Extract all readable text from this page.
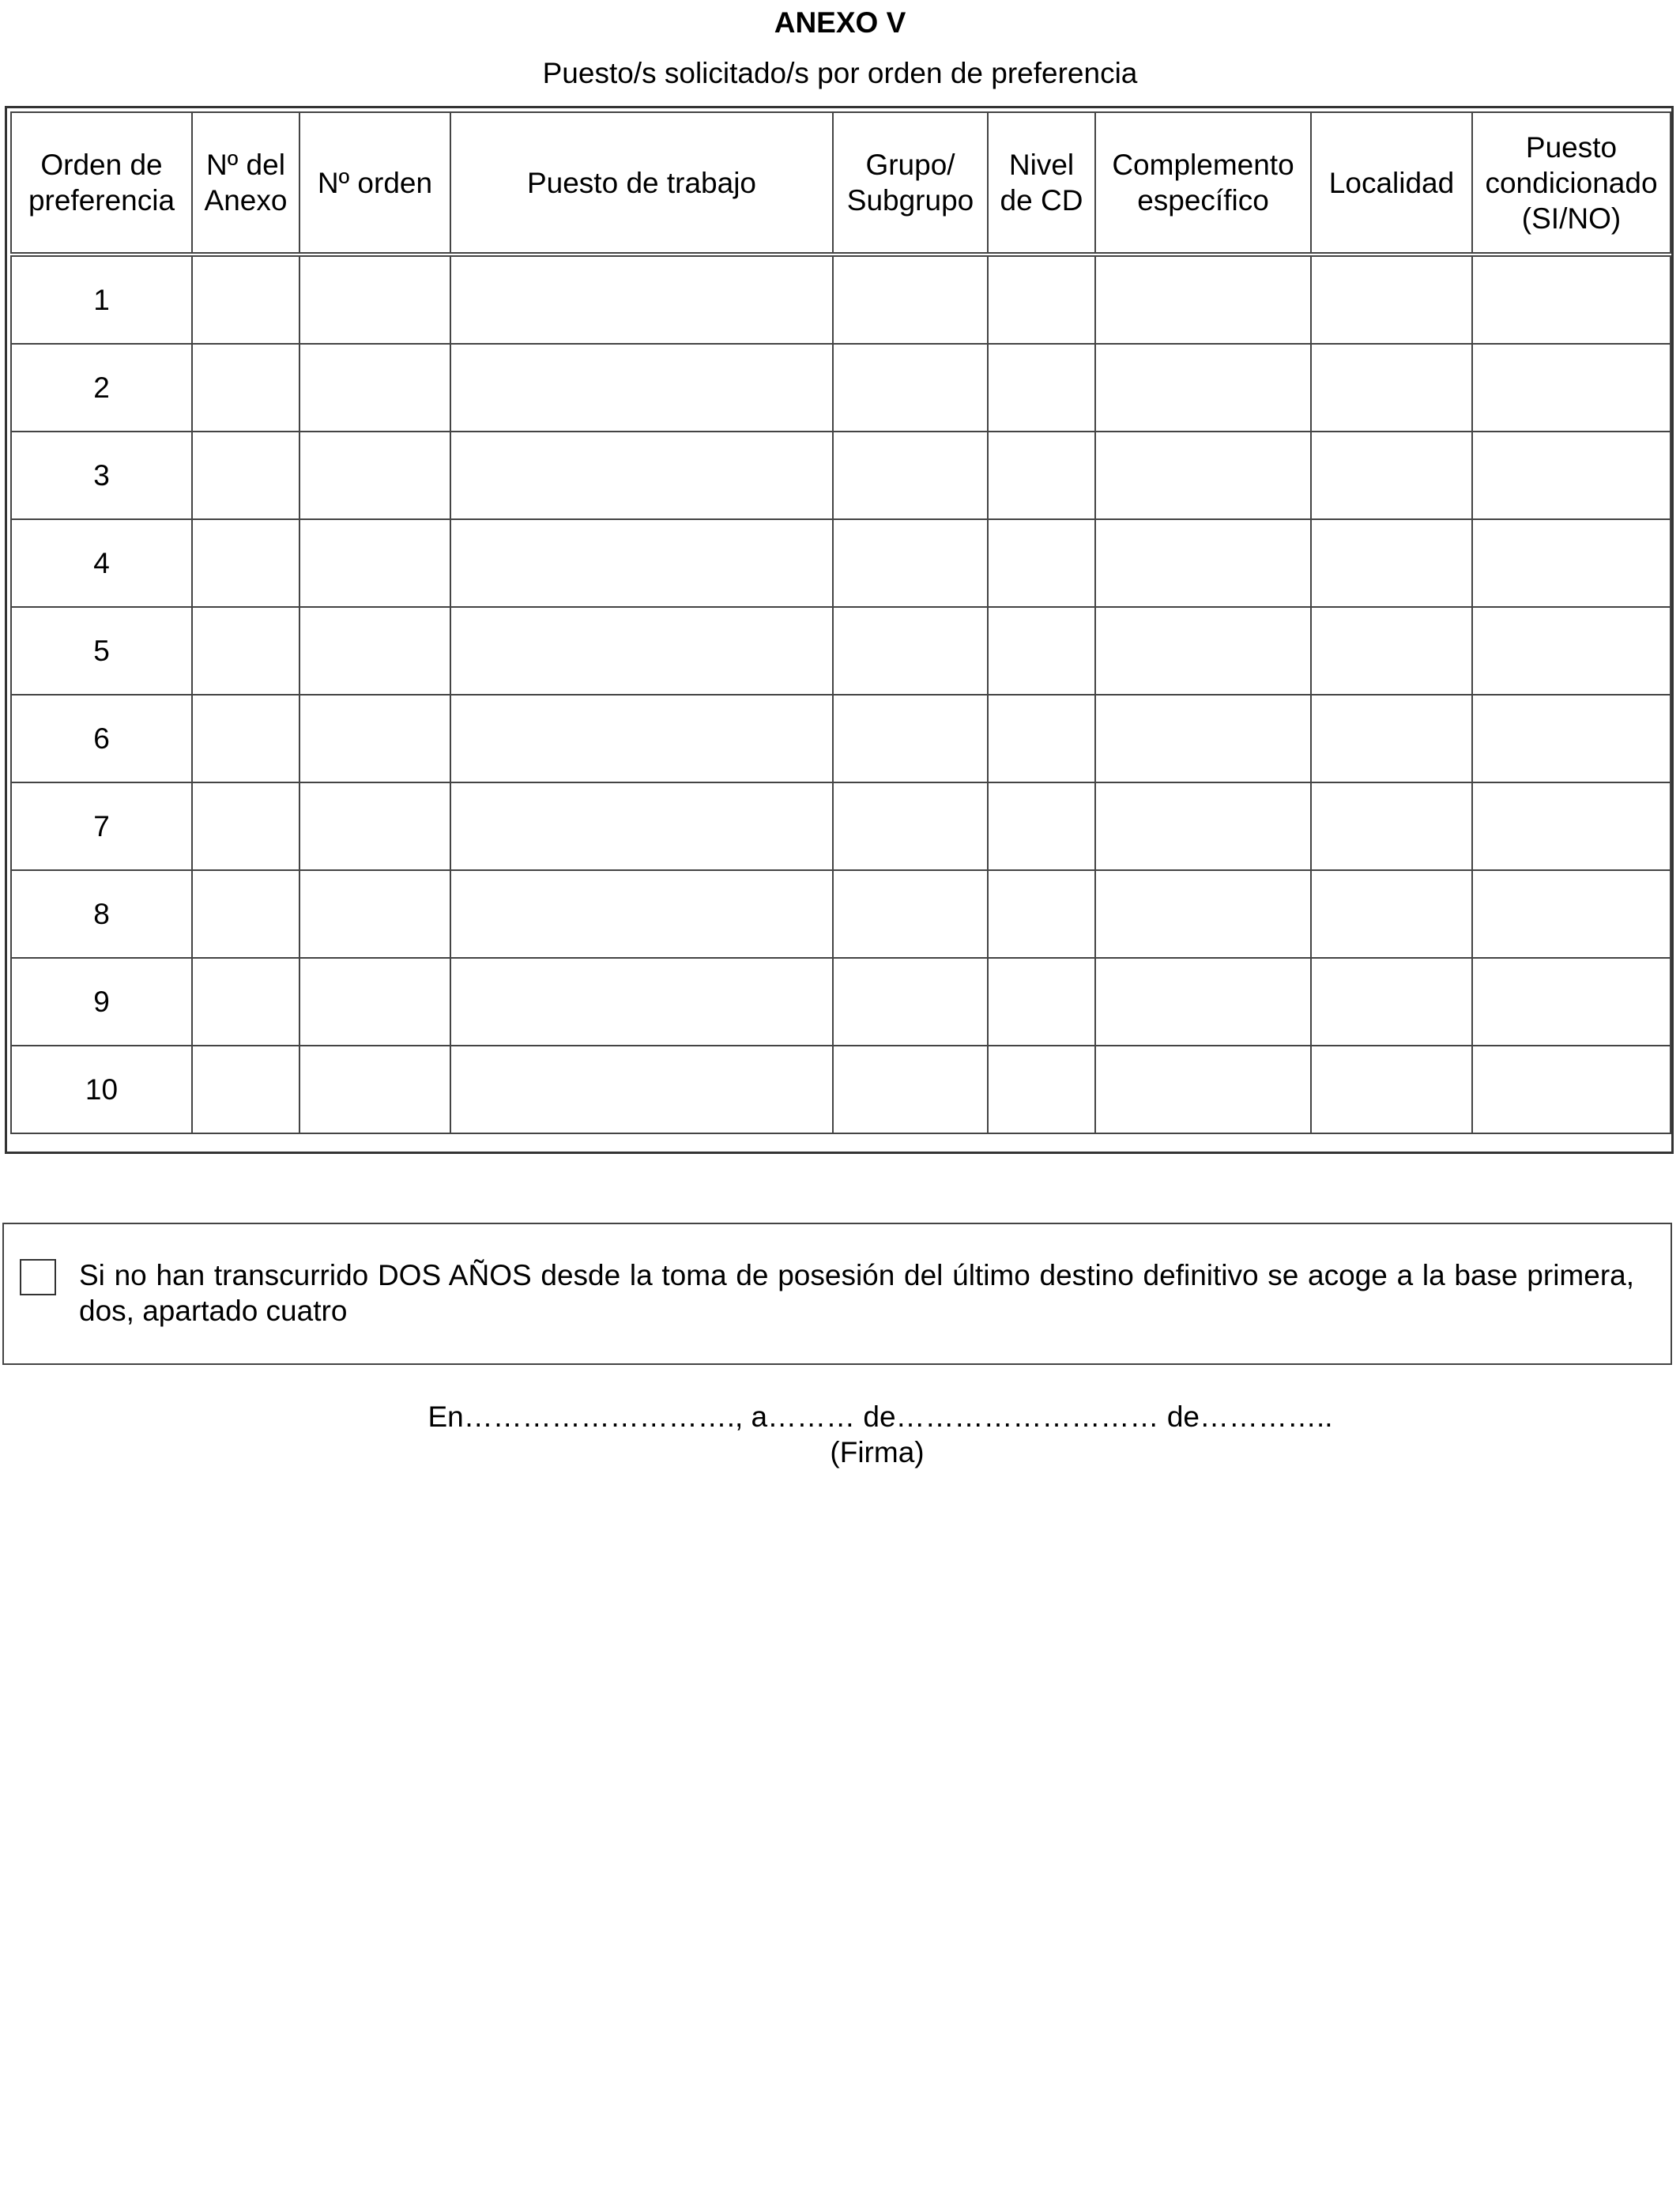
ANEXO V
Puesto/s solicitado/s por orden de preferencia
Orden de preferencia	Nº del Anexo	Nº orden	Puesto de trabajo	Grupo/ Subgrupo	Nivel de CD	Complemento específico	Localidad	Puesto condicionado (SI/NO)
1								
2								
3								
4								
5								
6								
7								
8								
9								
10								
Si no han transcurrido DOS AÑOS desde la toma de posesión del último destino definitivo se acoge a la base primera, dos, apartado cuatro
En………………………., a……… de……………………… de…………..
(Firma)
